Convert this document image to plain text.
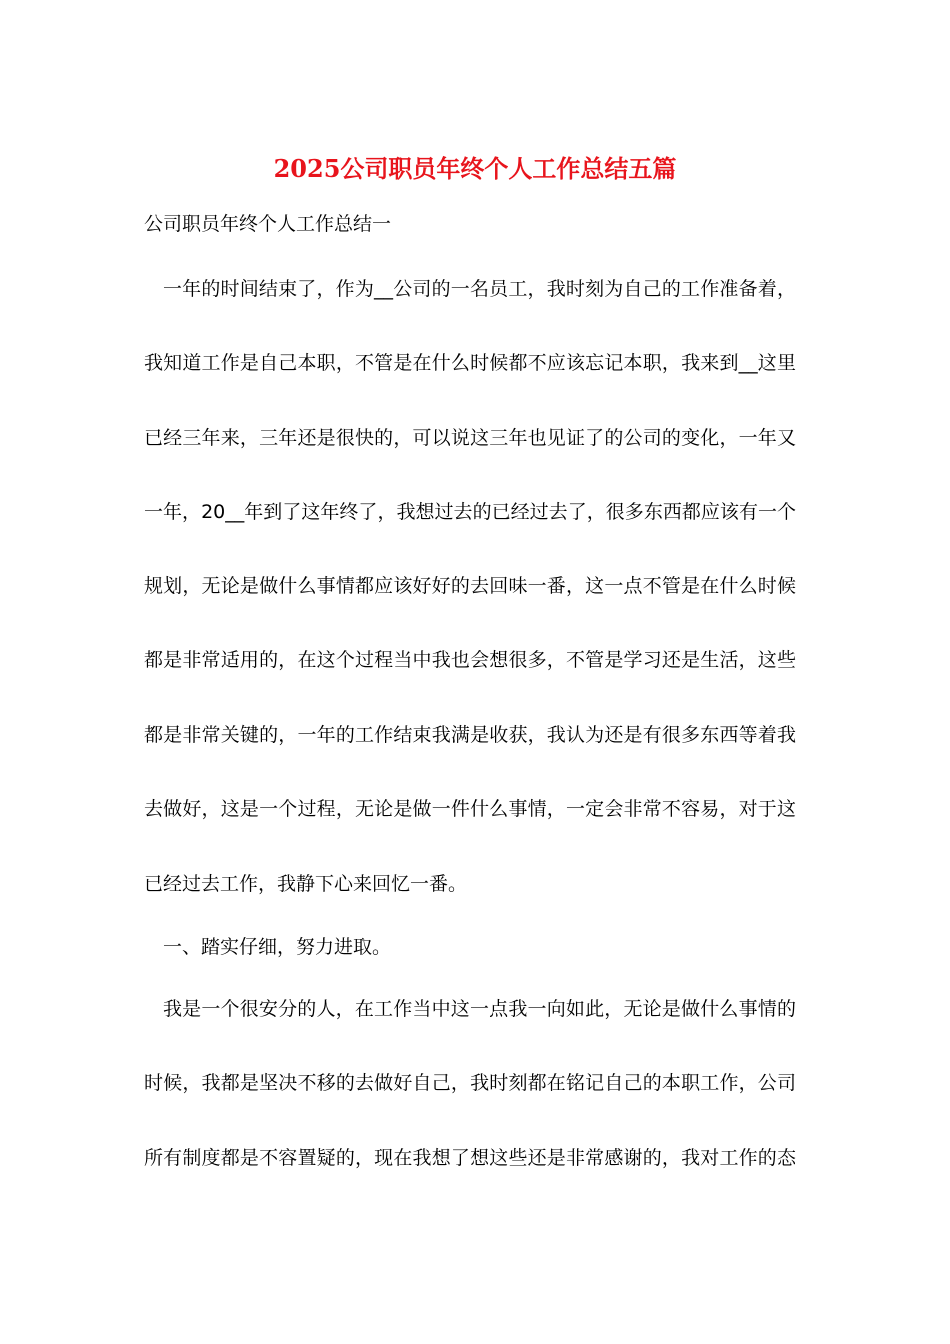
2025公司职员年终个人工作总结五篇
公司职员年终个人工作总结一
一年的时间结束了，作为__公司的一名员工，我时刻为自己的工作准备着，
我知道工作是自己本职，不管是在什么时候都不应该忘记本职，我来到__这里
已经三年来，三年还是很快的，可以说这三年也见证了的公司的变化，一年又
一年，20__年到了这年终了，我想过去的已经过去了，很多东西都应该有一个
规划，无论是做什么事情都应该好好的去回味一番，这一点不管是在什么时候
都是非常适用的，在这个过程当中我也会想很多，不管是学习还是生活，这些
都是非常关键的，一年的工作结束我满是收获，我认为还是有很多东西等着我
去做好，这是一个过程，无论是做一件什么事情，一定会非常不容易，对于这
已经过去工作，我静下心来回忆一番。
一、踏实仔细，努力进取。
我是一个很安分的人，在工作当中这一点我一向如此，无论是做什么事情的
时候，我都是坚决不移的去做好自己，我时刻都在铭记自己的本职工作，公司
所有制度都是不容置疑的，现在我想了想这些还是非常感谢的，我对工作的态
